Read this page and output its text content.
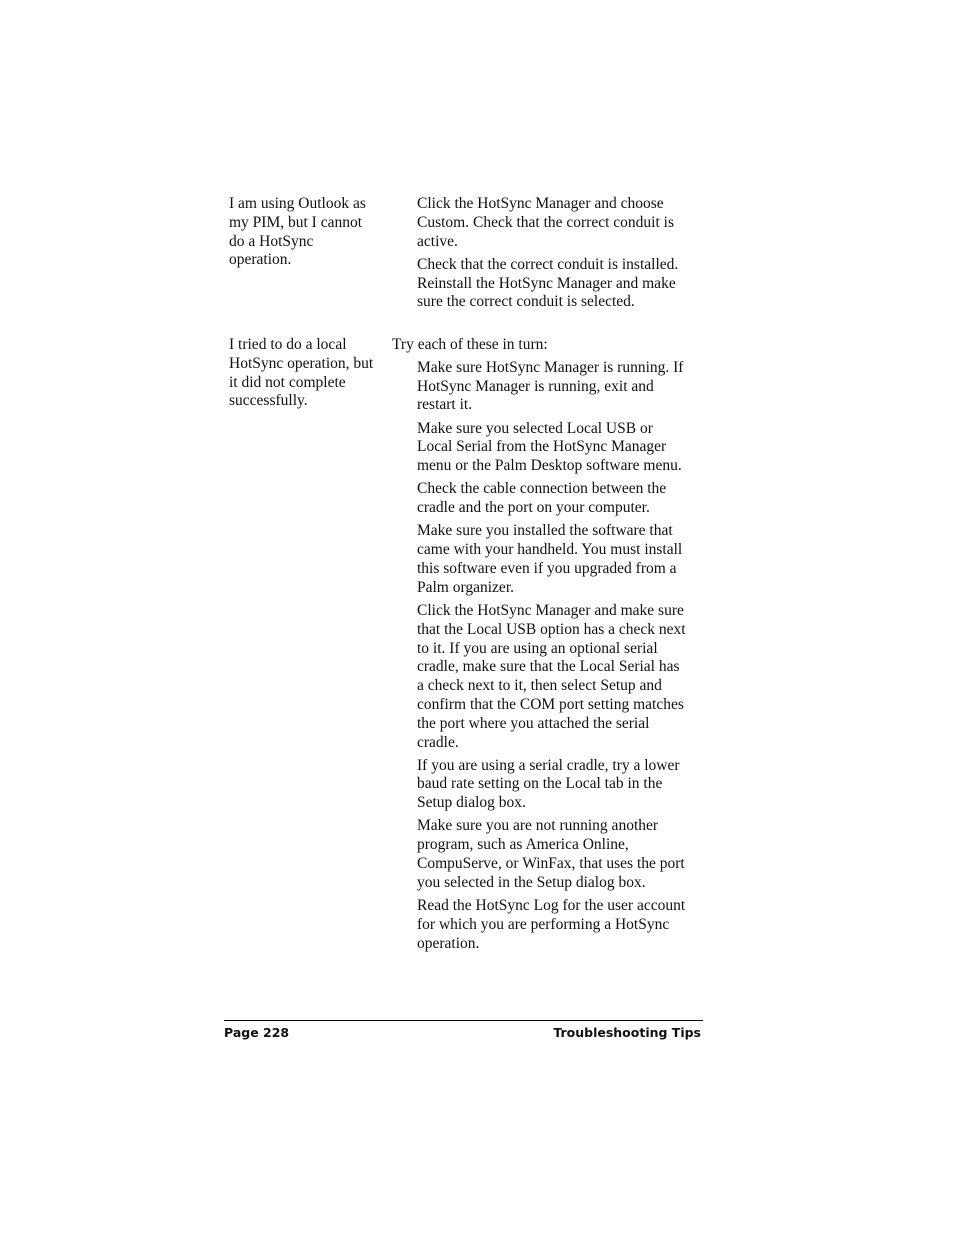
I am using Outlook as my PIM, but I cannot do a HotSync operation.

Click the HotSync Manager and choose Custom. Check that the correct conduit is active.

Check that the correct conduit is installed. Reinstall the HotSync Manager and make sure the correct conduit is selected.

I tried to do a local HotSync operation, but it did not complete successfully.

Try each of these in turn:

Make sure HotSync Manager is running. If HotSync Manager is running, exit and restart it.

Make sure you selected Local USB or Local Serial from the HotSync Manager menu or the Palm Desktop software menu.

Check the cable connection between the cradle and the port on your computer.

Make sure you installed the software that came with your handheld. You must install this software even if you upgraded from a Palm organizer.

Click the HotSync Manager and make sure that the Local USB option has a check next to it. If you are using an optional serial cradle, make sure that the Local Serial has a check next to it, then select Setup and confirm that the COM port setting matches the port where you attached the serial cradle.

If you are using a serial cradle, try a lower baud rate setting on the Local tab in the Setup dialog box.

Make sure you are not running another program, such as America Online, CompuServe, or WinFax, that uses the port you selected in the Setup dialog box.

Read the HotSync Log for the user account for which you are performing a HotSync operation.

Page 228	Troubleshooting Tips
